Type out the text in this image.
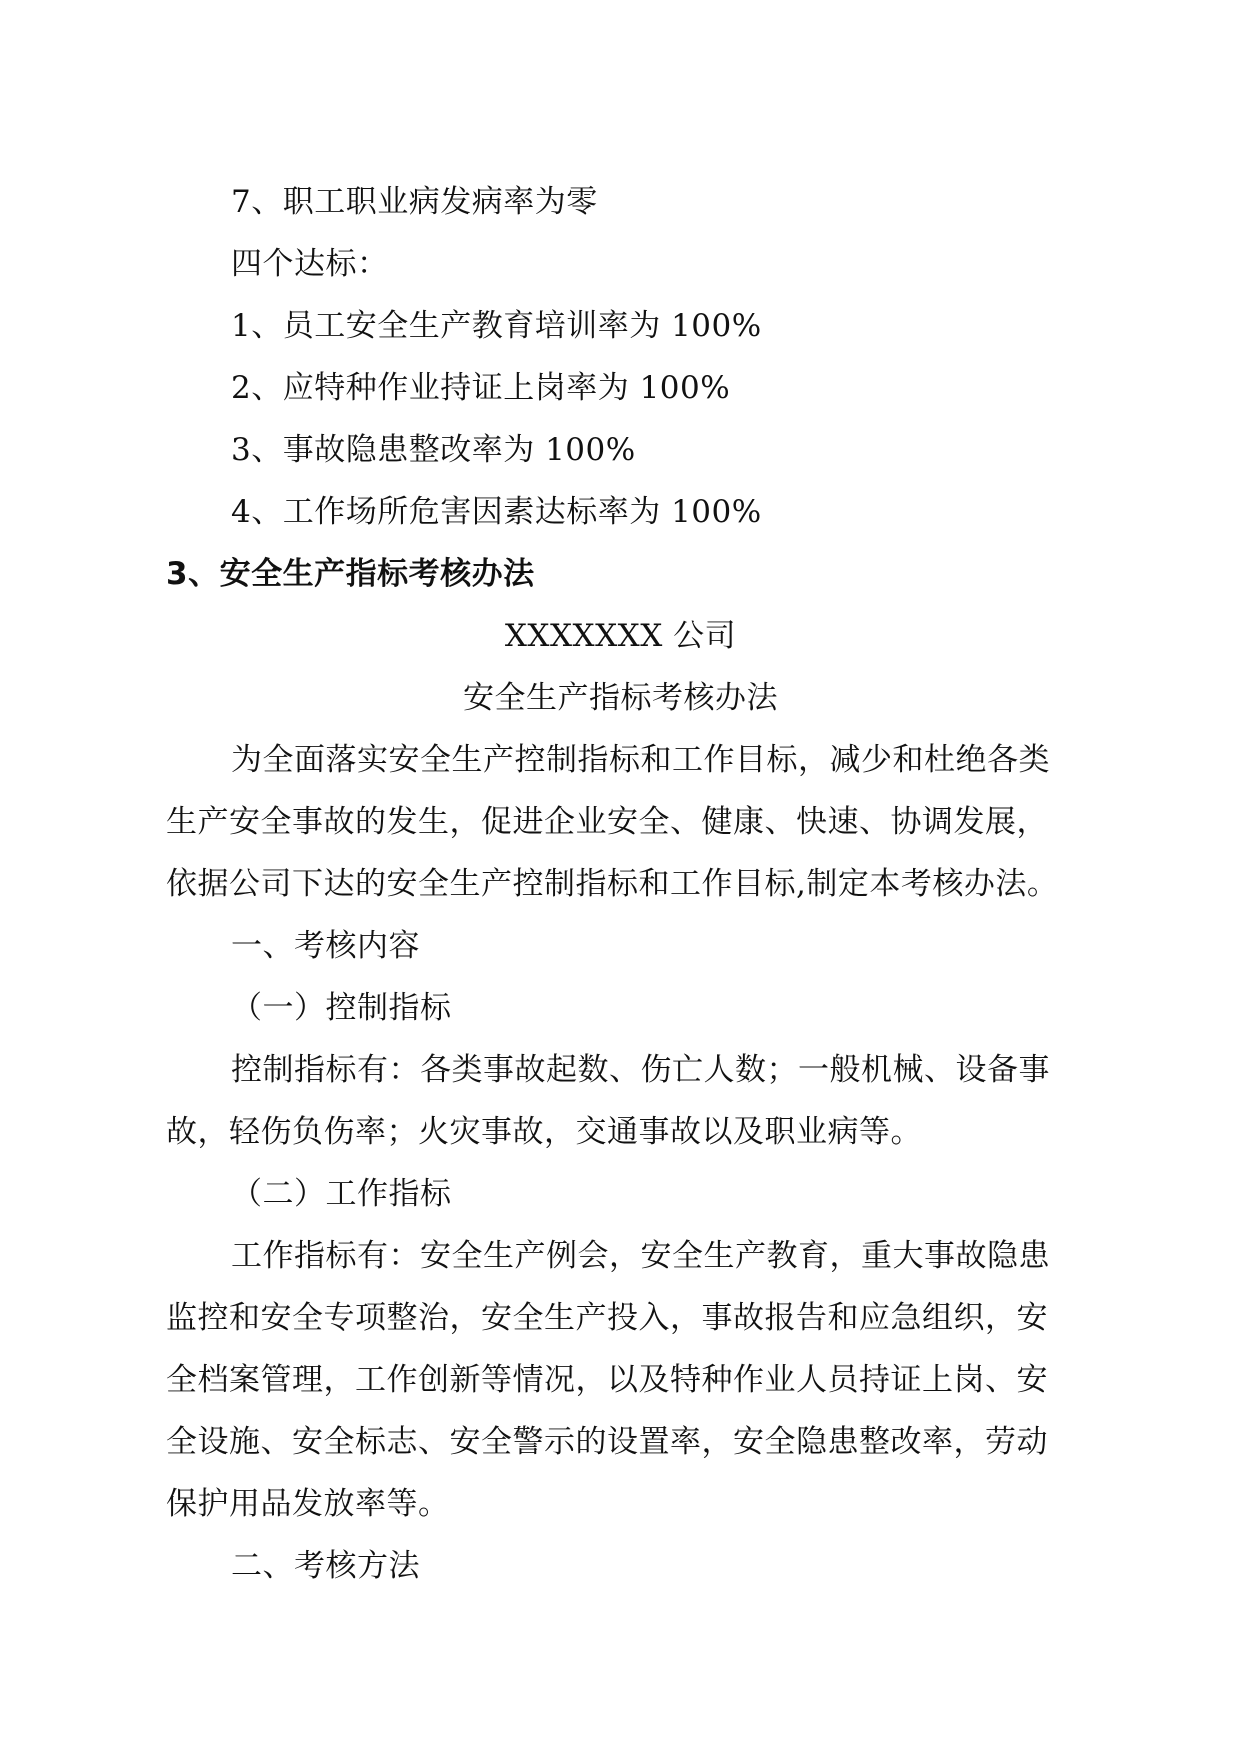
7、职工职业病发病率为零
四个达标：
1、员工安全生产教育培训率为 100%
2、应特种作业持证上岗率为 100%
3、事故隐患整改率为 100%
4、工作场所危害因素达标率为 100%
3、安全生产指标考核办法
XXXXXXX 公司
安全生产指标考核办法
为全面落实安全生产控制指标和工作目标，减少和杜绝各类
生产安全事故的发生，促进企业安全、健康、快速、协调发展，
依据公司下达的安全生产控制指标和工作目标,制定本考核办法。
一、考核内容
（一）控制指标
控制指标有：各类事故起数、伤亡人数；一般机械、设备事
故，轻伤负伤率；火灾事故，交通事故以及职业病等。
（二）工作指标
工作指标有：安全生产例会，安全生产教育，重大事故隐患
监控和安全专项整治，安全生产投入，事故报告和应急组织，安
全档案管理，工作创新等情况，以及特种作业人员持证上岗、安
全设施、安全标志、安全警示的设置率，安全隐患整改率，劳动
保护用品发放率等。
二、考核方法
